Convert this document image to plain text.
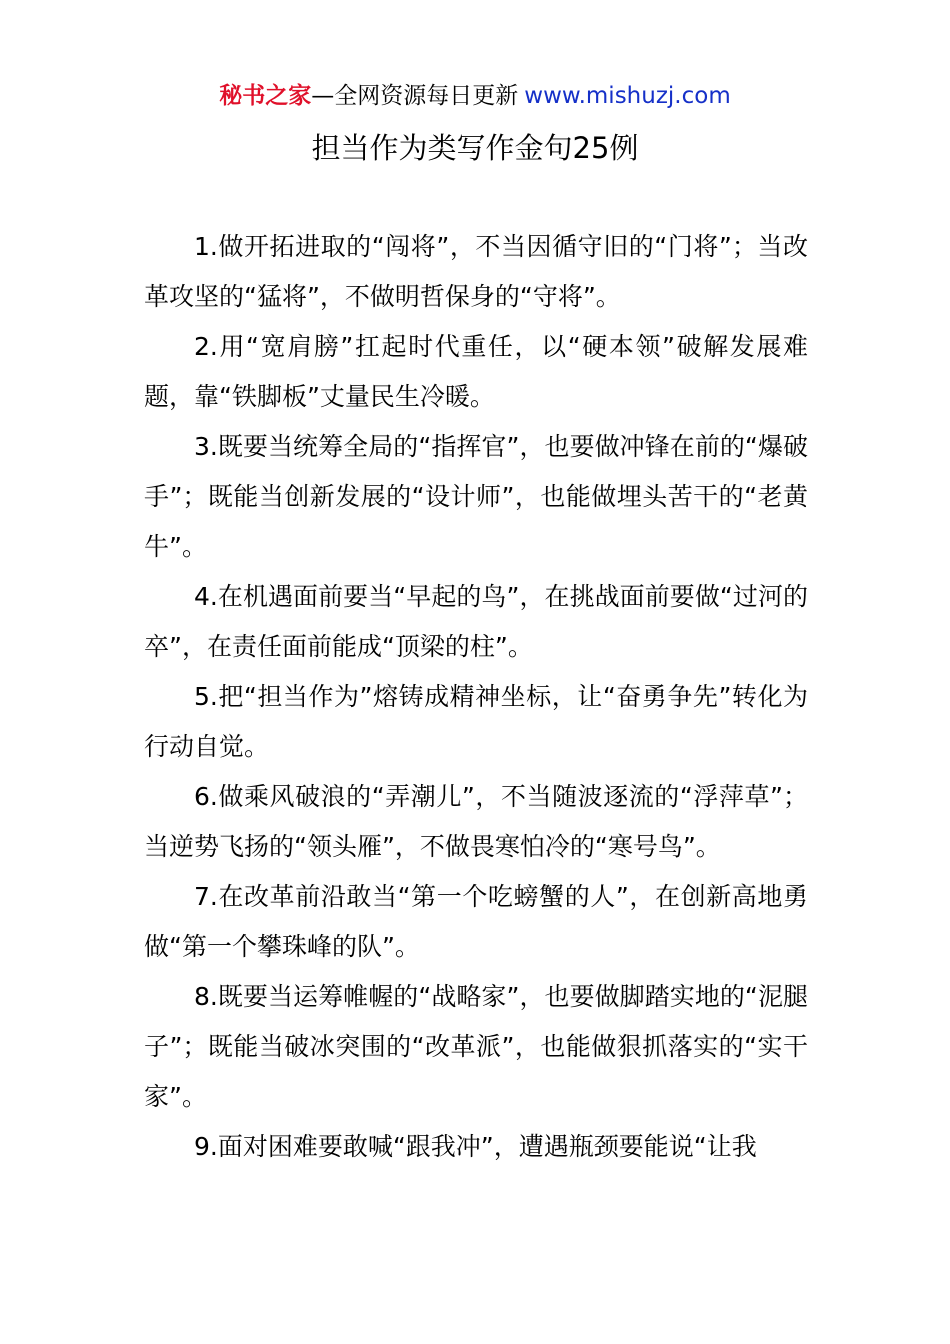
秘书之家—全网资源每日更新 www.mishuzj.com
担当作为类写作金句25例

1.做开拓进取的“闯将”，不当因循守旧的“门将”；当改革攻坚的“猛将”，不做明哲保身的“守将”。

2.用“宽肩膀”扛起时代重任，以“硬本领”破解发展难题，靠“铁脚板”丈量民生冷暖。

3.既要当统筹全局的“指挥官”，也要做冲锋在前的“爆破手”；既能当创新发展的“设计师”，也能做埋头苦干的“老黄牛”。

4.在机遇面前要当“早起的鸟”，在挑战面前要做“过河的卒”，在责任面前能成“顶梁的柱”。

5.把“担当作为”熔铸成精神坐标，让“奋勇争先”转化为行动自觉。

6.做乘风破浪的“弄潮儿”，不当随波逐流的“浮萍草”；当逆势飞扬的“领头雁”，不做畏寒怕冷的“寒号鸟”。

7.在改革前沿敢当“第一个吃螃蟹的人”，在创新高地勇做“第一个攀珠峰的队”。

8.既要当运筹帷幄的“战略家”，也要做脚踏实地的“泥腿子”；既能当破冰突围的“改革派”，也能做狠抓落实的“实干家”。

9.面对困难要敢喊“跟我冲”，遭遇瓶颈要能说“让我
